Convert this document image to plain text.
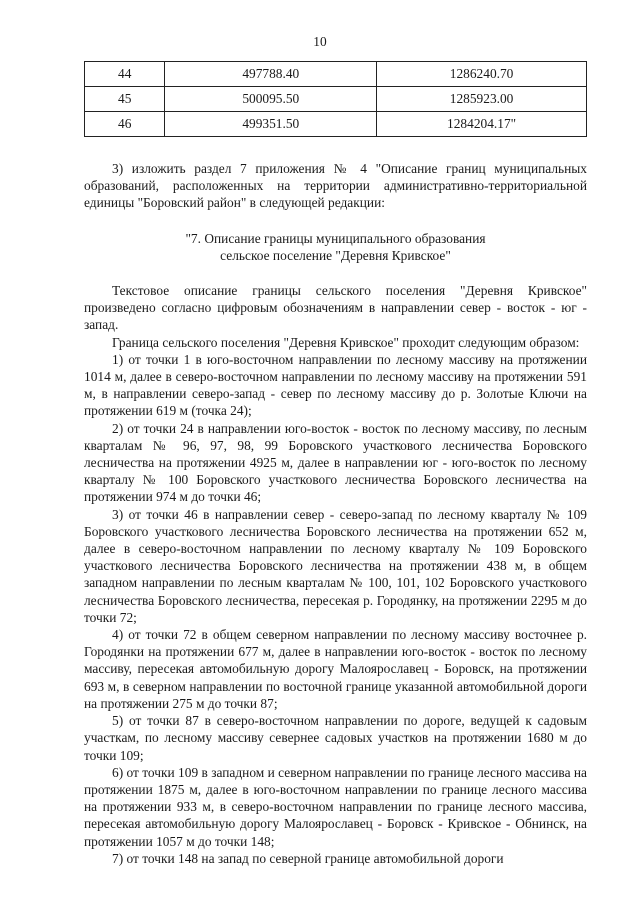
10
44	497788.40	1286240.70
45	500095.50	1285923.00
46	499351.50	1284204.17"

3) изложить раздел 7 приложения № 4 "Описание границ муниципальных образований, расположенных на территории административно-территориальной единицы "Боровский район" в следующей редакции:

"7. Описание границы муниципального образования

сельское поселение "Деревня Кривское"

Текстовое описание границы сельского поселения "Деревня Кривское" произведено согласно цифровым обозначениям в направлении север - восток - юг - запад.

Граница сельского поселения "Деревня Кривское" проходит следующим образом:

1) от точки 1 в юго-восточном направлении по лесному массиву на протяжении 1014 м, далее в северо-восточном направлении по лесному массиву на протяжении 591 м, в направлении северо-запад - север по лесному массиву до р. Золотые Ключи на протяжении 619 м (точка 24);

2) от точки 24 в направлении юго-восток - восток по лесному массиву, по лесным кварталам № 96, 97, 98, 99 Боровского участкового лесничества Боровского лесничества на протяжении 4925 м, далее в направлении юг - юго-восток по лесному кварталу № 100 Боровского участкового лесничества Боровского лесничества на протяжении 974 м до точки 46;

3) от точки 46 в направлении север - северо-запад по лесному кварталу № 109 Боровского участкового лесничества Боровского лесничества на протяжении 652 м, далее в северо-восточном направлении по лесному кварталу № 109 Боровского участкового лесничества Боровского лесничества на протяжении 438 м, в общем западном направлении по лесным кварталам № 100, 101, 102 Боровского участкового лесничества Боровского лесничества, пересекая р. Городянку, на протяжении 2295 м до точки 72;

4) от точки 72 в общем северном направлении по лесному массиву восточнее р. Городянки на протяжении 677 м, далее в направлении юго-восток - восток по лесному массиву, пересекая автомобильную дорогу Малоярославец - Боровск, на протяжении 693 м, в северном направлении по восточной границе указанной автомобильной дороги на протяжении 275 м до точки 87;

5) от точки 87 в северо-восточном направлении по дороге, ведущей к садовым участкам, по лесному массиву севернее садовых участков на протяжении 1680 м до точки 109;

6) от точки 109 в западном и северном направлении по границе лесного массива на протяжении 1875 м, далее в юго-восточном направлении по границе лесного массива на протяжении 933 м, в северо-восточном направлении по границе лесного массива, пересекая автомобильную дорогу Малоярославец - Боровск - Кривское - Обнинск, на протяжении 1057 м до точки 148;

7) от точки 148 на запад по северной границе автомобильной дороги
